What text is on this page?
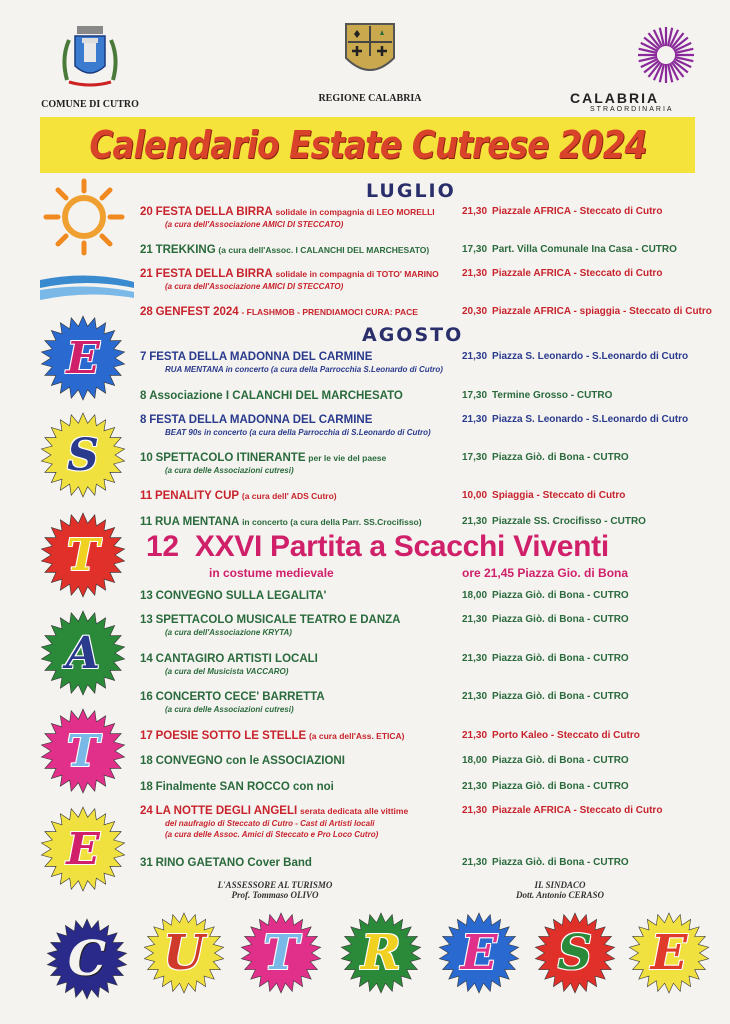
COMUNE DI CUTRO
REGIONE CALABRIA	CALABRIA
STRAORDINARIA
Calendario Estate Cutrese 2024
E
S
T
A
T
E
LUGLIO
AGOSTO
20 FESTA DELLA BIRRA solidale in compagnia di LEO MORELLI
(a cura dell'Associazione AMICI DI STECCATO)
21,30 Piazzale AFRICA - Steccato di Cutro
21 TREKKING (a cura dell'Assoc. I CALANCHI DEL MARCHESATO)	17,30 Part. Villa Comunale Ina Casa - CUTRO
21 FESTA DELLA BIRRA solidale in compagnia di TOTO' MARINO
(a cura dell'Associazione AMICI DI STECCATO)
21,30 Piazzale AFRICA - Steccato di Cutro
28 GENFEST 2024 - FLASHMOB - PRENDIAMOCI CURA: PACE	20,30 Piazzale AFRICA - spiaggia - Steccato di Cutro
7 FESTA DELLA MADONNA DEL CARMINE
RUA MENTANA in concerto (a cura della Parrocchia S.Leonardo di Cutro)
21,30 Piazza S. Leonardo - S.Leonardo di Cutro
8 Associazione I CALANCHI DEL MARCHESATO	17,30 Termine Grosso - CUTRO
8 FESTA DELLA MADONNA DEL CARMINE
BEAT 90s in concerto (a cura della Parrocchia di S.Leonardo di Cutro)
21,30 Piazza S. Leonardo - S.Leonardo di Cutro
10 SPETTACOLO ITINERANTE per le vie del paese
(a cura delle Associazioni cutresi)
17,30 Piazza Giò. di Bona - CUTRO
11 PENALITY CUP (a cura dell' ADS Cutro)	10,00 Spiaggia - Steccato di Cutro
11 RUA MENTANA in concerto (a cura della Parr. SS.Crocifisso)	21,30 Piazzale SS. Crocifisso - CUTRO
13 CONVEGNO SULLA LEGALITA'	18,00 Piazza Giò. di Bona - CUTRO
13 SPETTACOLO MUSICALE TEATRO E DANZA
(a cura dell'Associazione KRYTA)
21,30 Piazza Giò. di Bona - CUTRO
14 CANTAGIRO ARTISTI LOCALI
(a cura del Musicista VACCARO)
21,30 Piazza Giò. di Bona - CUTRO
16 CONCERTO CECE' BARRETTA
(a cura delle Associazioni cutresi)
21,30 Piazza Giò. di Bona - CUTRO
17 POESIE SOTTO LE STELLE (a cura dell'Ass. ETICA)	21,30 Porto Kaleo - Steccato di Cutro
18 CONVEGNO con le ASSOCIAZIONI	18,00 Piazza Giò. di Bona - CUTRO
18 Finalmente SAN ROCCO con noi	21,30 Piazza Giò. di Bona - CUTRO
24 LA NOTTE DEGLI ANGELI serata dedicata alle vittime
del naufragio di Steccato di Cutro - Cast di Artisti locali
(a cura delle Assoc. Amici di Steccato e Pro Loco Cutro)
21,30 Piazzale AFRICA - Steccato di Cutro
31 RINO GAETANO Cover Band	21,30 Piazza Giò. di Bona - CUTRO
12 XXVI Partita a Scacchi Viventi
in costume medievale	ore 21,45 Piazza Gio. di Bona
L'ASSESSORE AL TURISMO
Prof. Tommaso OLIVO
IL SINDACO
Dott. Antonio CERASO
C	U	T	R	E	S	E
